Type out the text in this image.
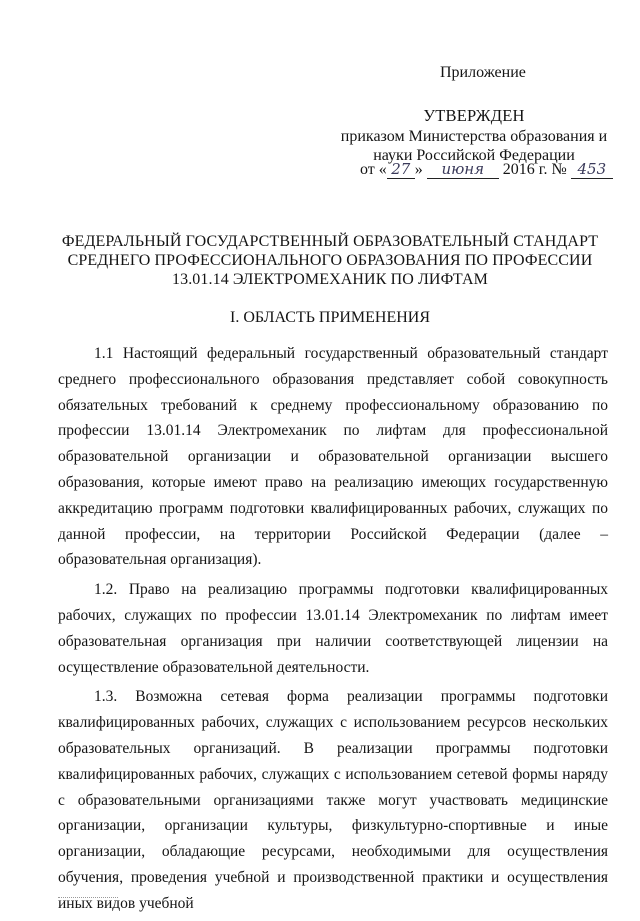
Приложение
УТВЕРЖДЕН
приказом Министерства образования и
науки Российской Федерации
от « 27 » июня 2016 г. № 453
ФЕДЕРАЛЬНЫЙ ГОСУДАРСТВЕННЫЙ ОБРАЗОВАТЕЛЬНЫЙ СТАНДАРТ
СРЕДНЕГО ПРОФЕССИОНАЛЬНОГО ОБРАЗОВАНИЯ ПО ПРОФЕССИИ
13.01.14 ЭЛЕКТРОМЕХАНИК ПО ЛИФТАМ
I. ОБЛАСТЬ ПРИМЕНЕНИЯ

1.1 Настоящий федеральный государственный образовательный стандарт среднего профессионального образования представляет собой совокупность обязательных требований к среднему профессиональному образованию по профессии 13.01.14 Электромеханик по лифтам для профессиональной образовательной организации и образовательной организации высшего образования, которые имеют право на реализацию имеющих государственную аккредитацию программ подготовки квалифицированных рабочих, служащих по данной профессии, на территории Российской Федерации (далее – образовательная организация).

1.2. Право на реализацию программы подготовки квалифицированных рабочих, служащих по профессии 13.01.14 Электромеханик по лифтам имеет образовательная организация при наличии соответствующей лицензии на осуществление образовательной деятельности.

1.3. Возможна сетевая форма реализации программы подготовки квалифицированных рабочих, служащих с использованием ресурсов нескольких образовательных организаций. В реализации программы подготовки квалифицированных рабочих, служащих с использованием сетевой формы наряду с образовательными организациями также могут участвовать медицинские организации, организации культуры, физкультурно-спортивные и иные организации, обладающие ресурсами, необходимыми для осуществления обучения, проведения учебной и производственной практики и осуществления иных видов учебной
